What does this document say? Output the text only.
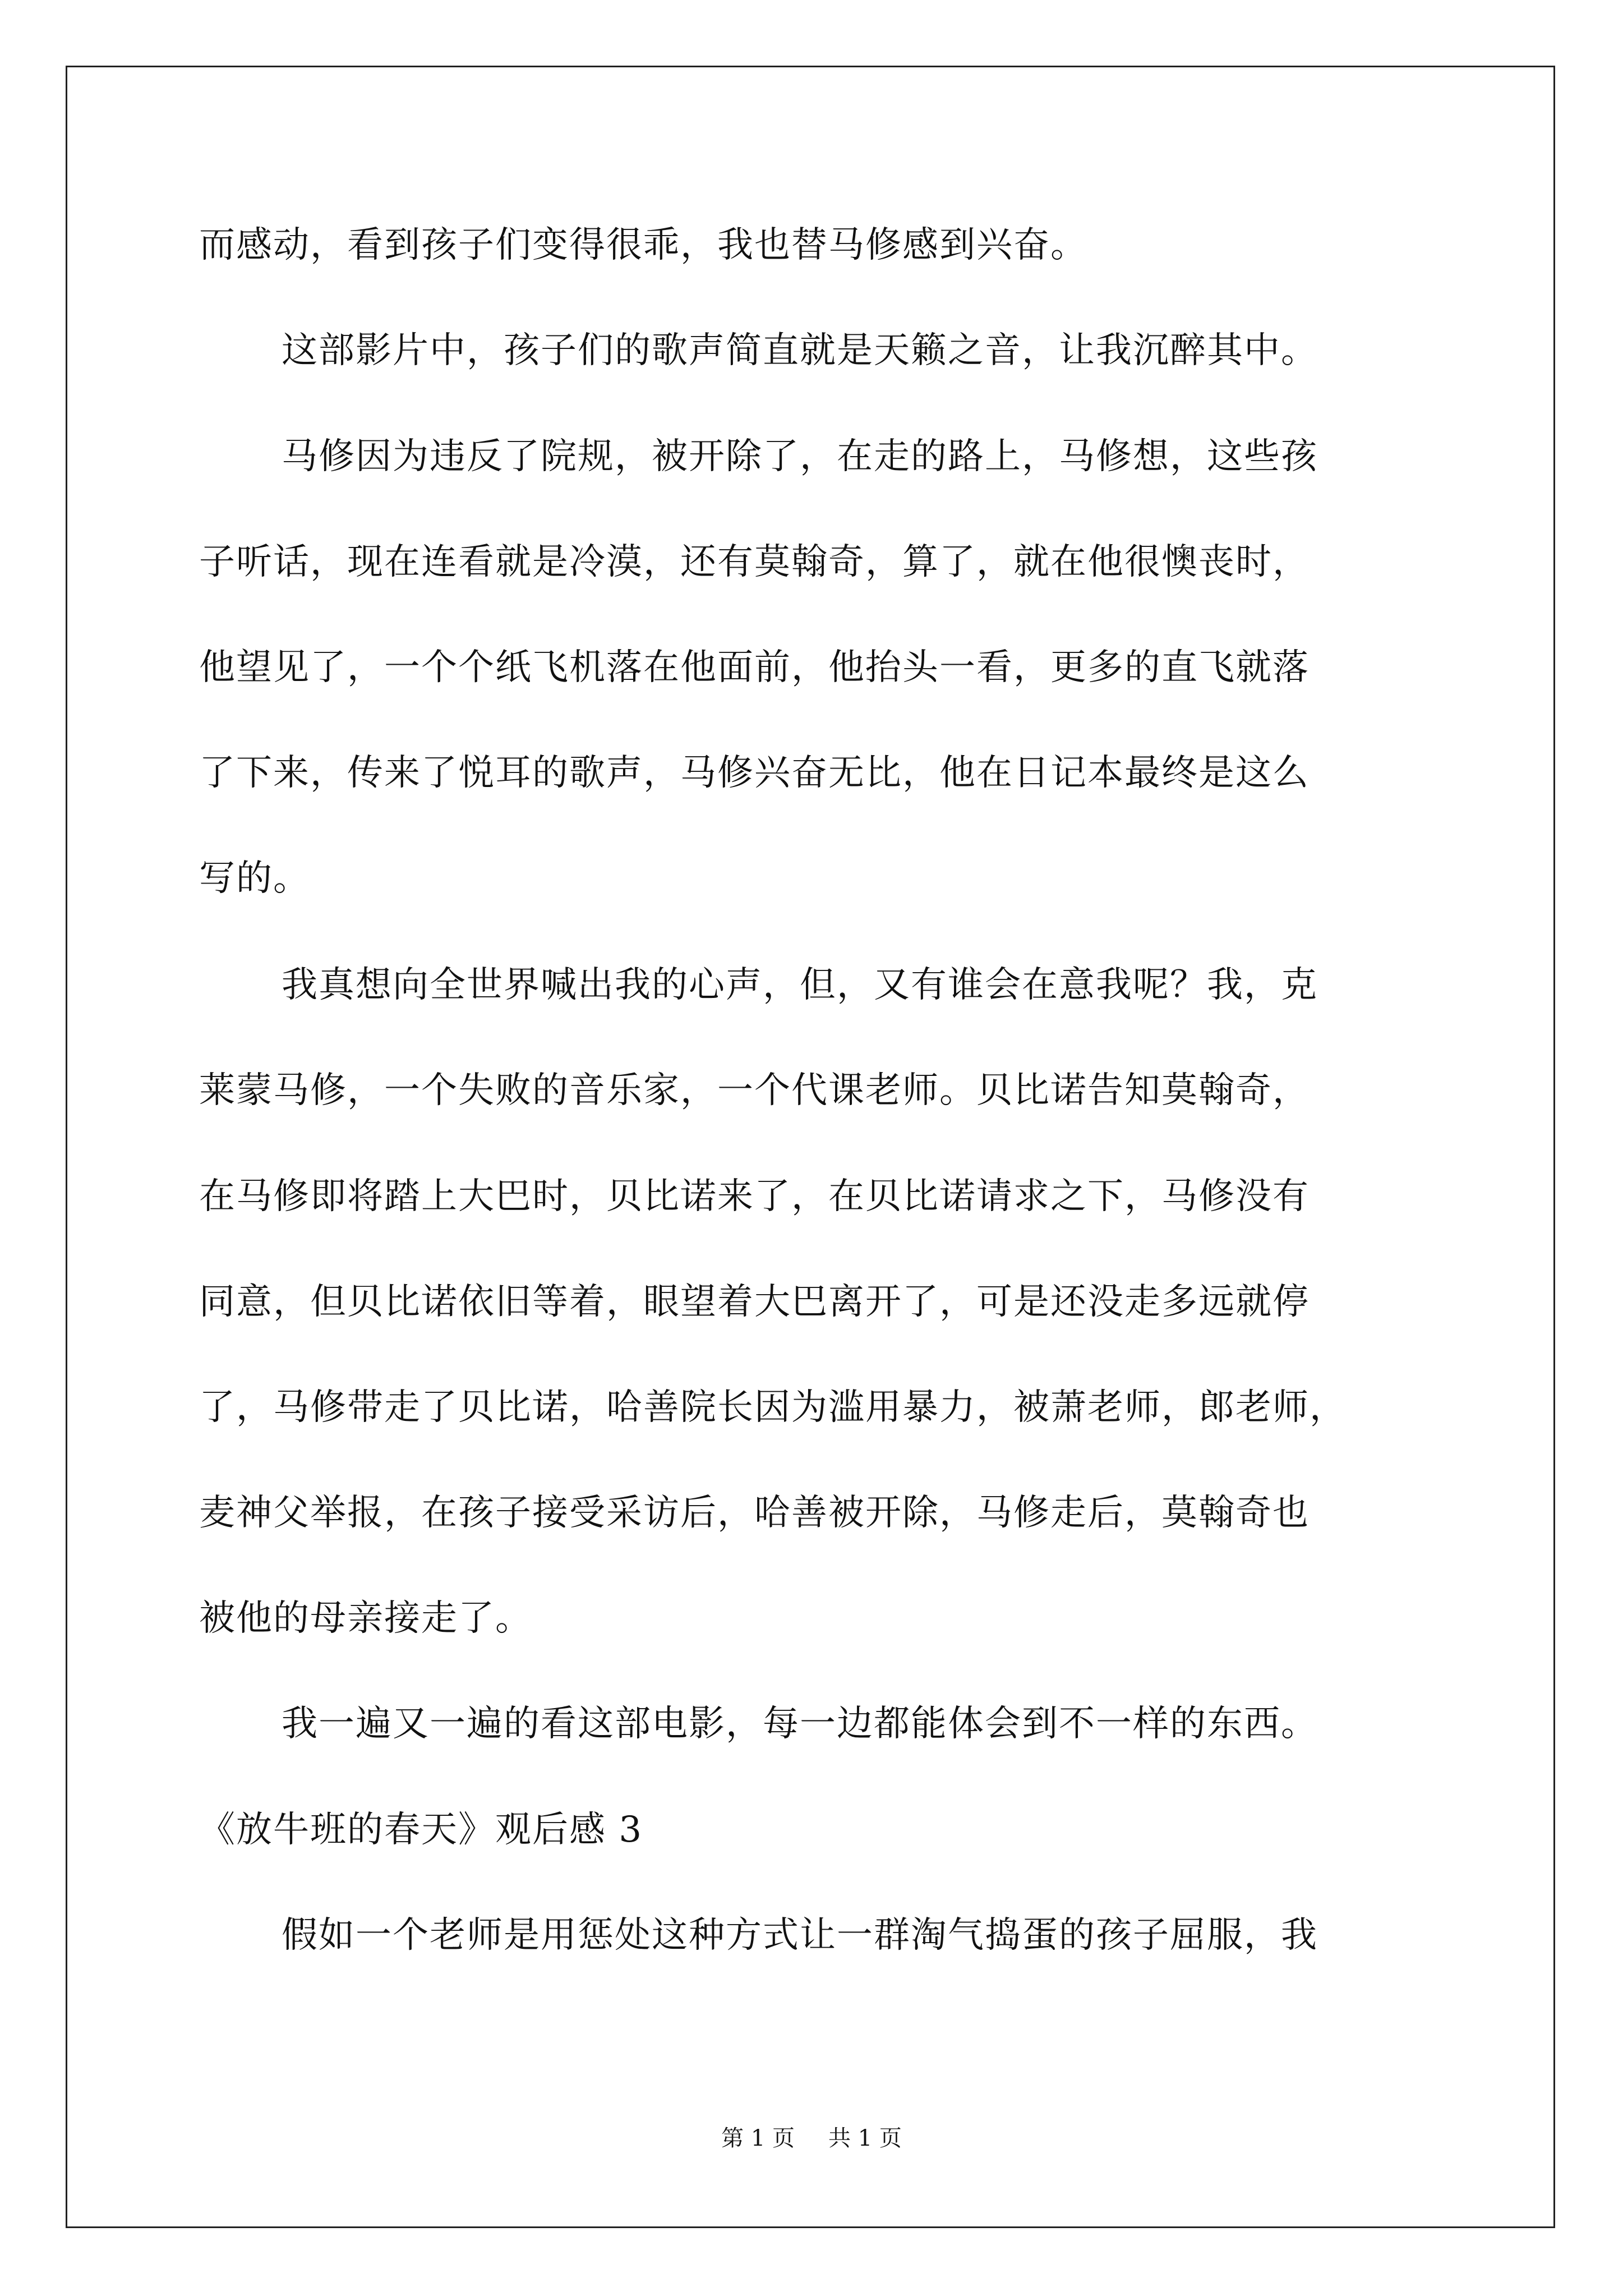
而感动，看到孩子们变得很乖，我也替马修感到兴奋。
这部影片中，孩子们的歌声简直就是天籁之音，让我沉醉其中。
马修因为违反了院规，被开除了，在走的路上，马修想，这些孩
子听话，现在连看就是冷漠，还有莫翰奇，算了，就在他很懊丧时，
他望见了，一个个纸飞机落在他面前，他抬头一看，更多的直飞就落
了下来，传来了悦耳的歌声，马修兴奋无比，他在日记本最终是这么
写的。
我真想向全世界喊出我的心声，但，又有谁会在意我呢？我，克
莱蒙马修，一个失败的音乐家，一个代课老师。贝比诺告知莫翰奇，
在马修即将踏上大巴时，贝比诺来了，在贝比诺请求之下，马修没有
同意，但贝比诺依旧等着，眼望着大巴离开了，可是还没走多远就停
了，马修带走了贝比诺，哈善院长因为滥用暴力，被萧老师，郎老师，
麦神父举报，在孩子接受采访后，哈善被开除，马修走后，莫翰奇也
被他的母亲接走了。
我一遍又一遍的看这部电影，每一边都能体会到不一样的东西。
《放牛班的春天》观后感 3
假如一个老师是用惩处这种方式让一群淘气捣蛋的孩子屈服，我
第 1 页 共 1 页
